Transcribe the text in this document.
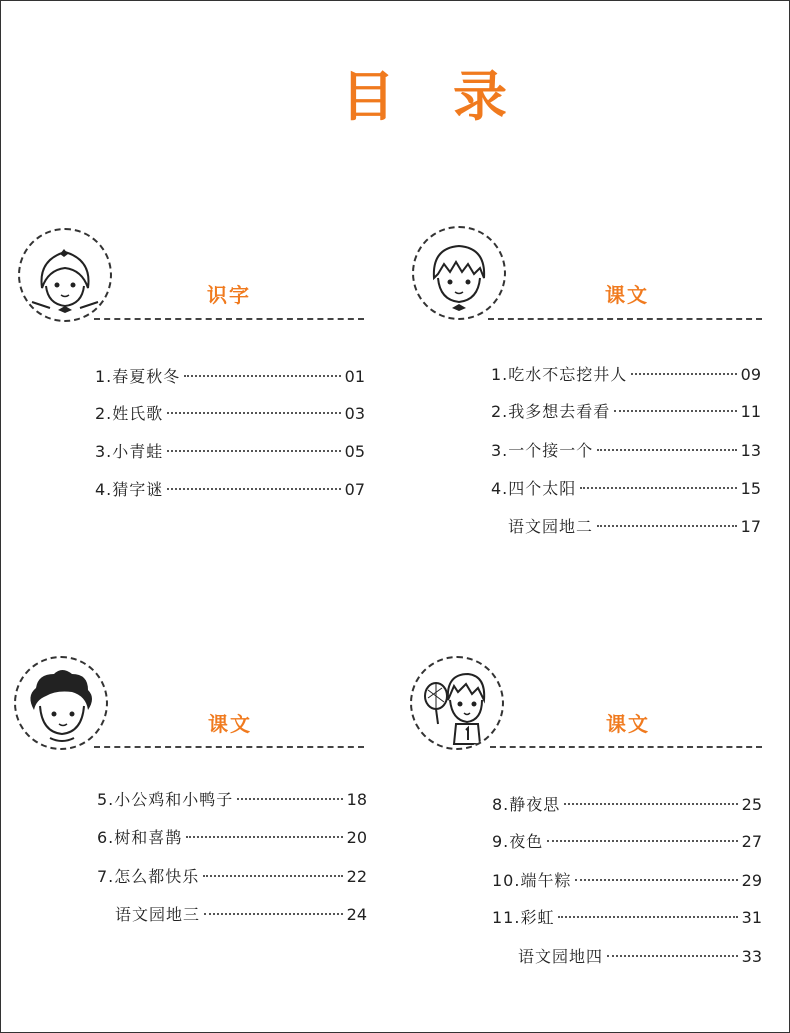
目录
识字
1.春夏秋冬	01
2.姓氏歌	03
3.小青蛙	05
4.猜字谜	07
课文
1.吃水不忘挖井人	09
2.我多想去看看	11
3.一个接一个	13
4.四个太阳	15
语文园地二	17
课文
5.小公鸡和小鸭子	18
6.树和喜鹊	20
7.怎么都快乐	22
语文园地三	24
课文
8.静夜思	25
9.夜色	27
10.端午粽	29
11.彩虹	31
语文园地四	33
